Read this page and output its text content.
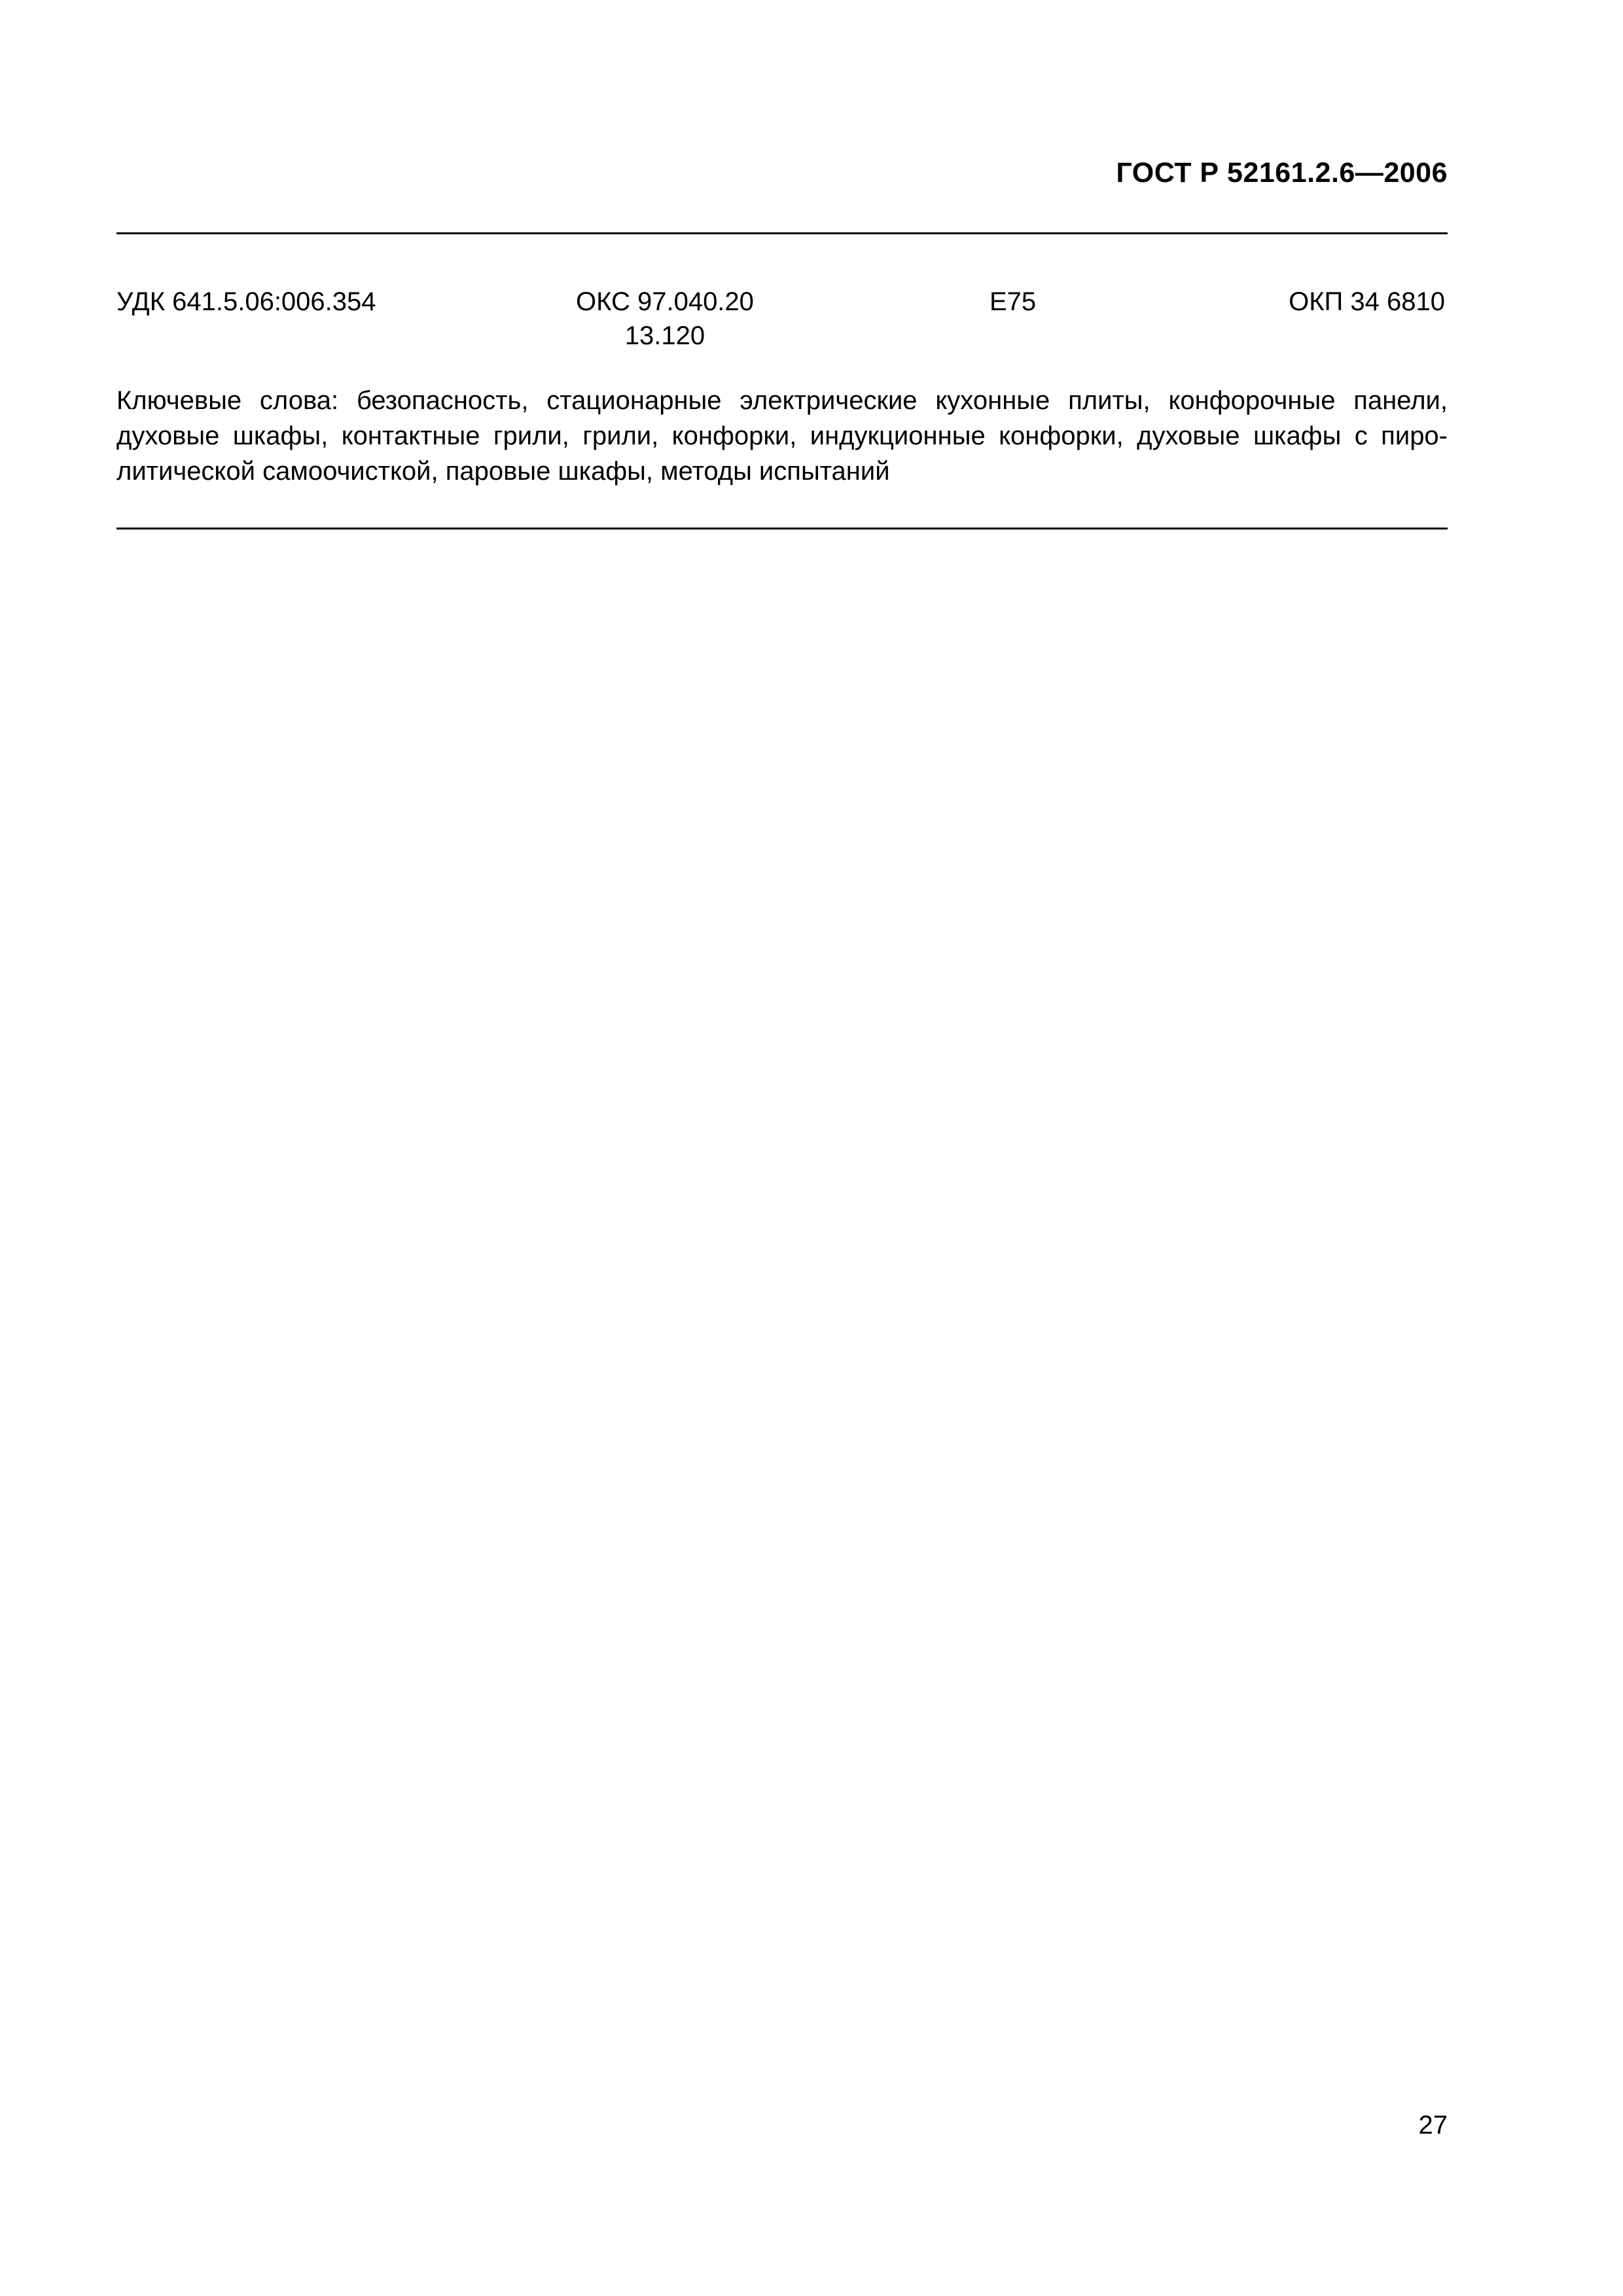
ГОСТ Р 52161.2.6—2006
УДК 641.5.06:006.354	ОКС 97.040.20
13.120
Е75	ОКП 34 6810
Ключевые слова: безопасность, стационарные электрические кухонные плиты, конфорочные панели,
духовые шкафы, контактные грили, грили, конфорки, индукционные конфорки, духовые шкафы с пиро-
литической самоочисткой, паровые шкафы, методы испытаний
27
